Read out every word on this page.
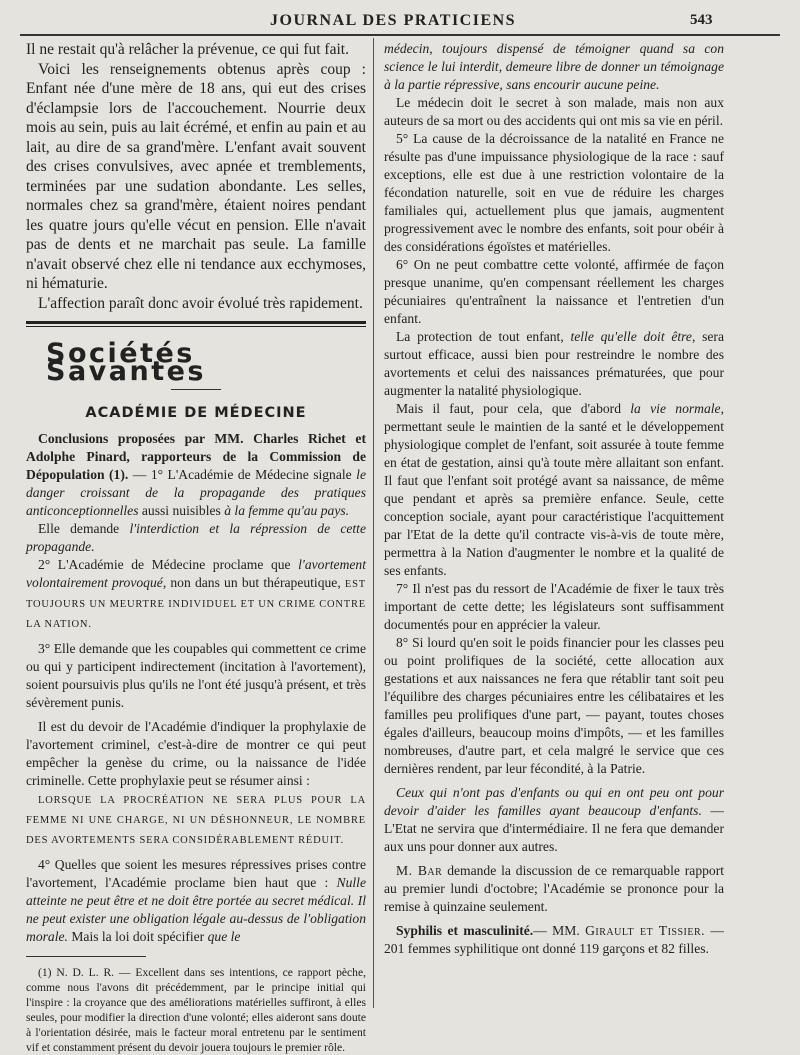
JOURNAL DES PRATICIENS	543

Il ne restait qu'à relâcher la prévenue, ce qui fut fait.

Voici les renseignements obtenus après coup : Enfant née d'une mère de 18 ans, qui eut des crises d'éclampsie lors de l'accouchement. Nourrie deux mois au sein, puis au lait écrémé, et enfin au pain et au lait, au dire de sa grand'mère. L'enfant avait souvent des crises convulsives, avec apnée et tremblements, terminées par une sudation abondante. Les selles, normales chez sa grand'mère, étaient noires pendant les quatre jours qu'elle vécut en pension. Elle n'avait pas de dents et ne marchait pas seule. La famille n'avait observé chez elle ni tendance aux ecchymoses, ni hématurie.

L'affection paraît donc avoir évolué très rapidement.

Sociétés Savantes
ACADÉMIE DE MÉDECINE

Conclusions proposées par MM. Charles Richet et Adolphe Pinard, rapporteurs de la Commission de Dépopulation (1). — 1° L'Académie de Médecine signale le danger croissant de la propagande des pratiques anticonceptionnelles aussi nuisibles à la femme qu'au pays.

Elle demande l'interdiction et la répression de cette propagande.

2° L'Académie de Médecine proclame que l'avortement volontairement provoqué, non dans un but thérapeutique, EST TOUJOURS UN MEURTRE INDIVIDUEL ET UN CRIME CONTRE LA NATION.

3° Elle demande que les coupables qui commettent ce crime ou qui y participent indirectement (incitation à l'avortement), soient poursuivis plus qu'ils ne l'ont été jusqu'à présent, et très sévèrement punis.

Il est du devoir de l'Académie d'indiquer la prophylaxie de l'avortement criminel, c'est-à-dire de montrer ce qui peut empêcher la genèse du crime, ou la naissance de l'idée criminelle. Cette prophylaxie peut se résumer ainsi :

LORSQUE LA PROCRÉATION NE SERA PLUS POUR LA FEMME NI UNE CHARGE, NI UN DÉSHONNEUR, LE NOMBRE DES AVORTEMENTS SERA CONSIDÉRABLEMENT RÉDUIT.

4° Quelles que soient les mesures répressives prises contre l'avortement, l'Académie proclame bien haut que : Nulle atteinte ne peut être et ne doit être portée au secret médical. Il ne peut exister une obligation légale au-dessus de l'obligation morale. Mais la loi doit spécifier que le

(1) N. D. L. R. — Excellent dans ses intentions, ce rapport pèche, comme nous l'avons dit précédemment, par le principe initial qui l'inspire : la croyance que des améliorations matérielles suffiront, à elles seules, pour modifier la direction d'une volonté; elles aideront sans doute à l'orientation désirée, mais le facteur moral entretenu par le sentiment vif et constamment présent du devoir jouera toujours le premier rôle.

médecin, toujours dispensé de témoigner quand sa con science le lui interdit, demeure libre de donner un témoignage à la partie répressive, sans encourir aucune peine.

Le médecin doit le secret à son malade, mais non aux auteurs de sa mort ou des accidents qui ont mis sa vie en péril.

5° La cause de la décroissance de la natalité en France ne résulte pas d'une impuissance physiologique de la race : sauf exceptions, elle est due à une restriction volontaire de la fécondation naturelle, soit en vue de réduire les charges familiales qui, actuellement plus que jamais, augmentent progressivement avec le nombre des enfants, soit pour obéir à des considérations égoïstes et matérielles.

6° On ne peut combattre cette volonté, affirmée de façon presque unanime, qu'en compensant réellement les charges pécuniaires qu'entraînent la naissance et l'entretien d'un enfant.

La protection de tout enfant, telle qu'elle doit être, sera surtout efficace, aussi bien pour restreindre le nombre des avortements et celui des naissances prématurées, que pour augmenter la natalité physiologique.

Mais il faut, pour cela, que d'abord la vie normale, permettant seule le maintien de la santé et le développement physiologique complet de l'enfant, soit assurée à toute femme en état de gestation, ainsi qu'à toute mère allaitant son enfant. Il faut que l'enfant soit protégé avant sa naissance, de même que pendant et après sa première enfance. Seule, cette conception sociale, ayant pour caractéristique l'acquittement par l'Etat de la dette qu'il contracte vis-à-vis de toute mère, permettra à la Nation d'augmenter le nombre et la qualité de ses enfants.

7° Il n'est pas du ressort de l'Académie de fixer le taux très important de cette dette; les législateurs sont suffisamment documentés pour en apprécier la valeur.

8° Si lourd qu'en soit le poids financier pour les classes peu ou point prolifiques de la société, cette allocation aux gestations et aux naissances ne fera que rétablir tant soit peu l'équilibre des charges pécuniaires entre les célibataires et les familles peu prolifiques d'une part, — payant, toutes choses égales d'ailleurs, beaucoup moins d'impôts, — et les familles nombreuses, d'autre part, et cela malgré le service que ces dernières rendent, par leur fécondité, à la Patrie.

Ceux qui n'ont pas d'enfants ou qui en ont peu ont pour devoir d'aider les familles ayant beaucoup d'enfants. — L'Etat ne servira que d'intermédiaire. Il ne fera que demander aux uns pour donner aux autres.

M. Bar demande la discussion de ce remarquable rapport au premier lundi d'octobre; l'Académie se prononce pour la remise à quinzaine seulement.

Syphilis et masculinité.— MM. Girault et Tissier. — 201 femmes syphilitique ont donné 119 garçons et 82 filles.
